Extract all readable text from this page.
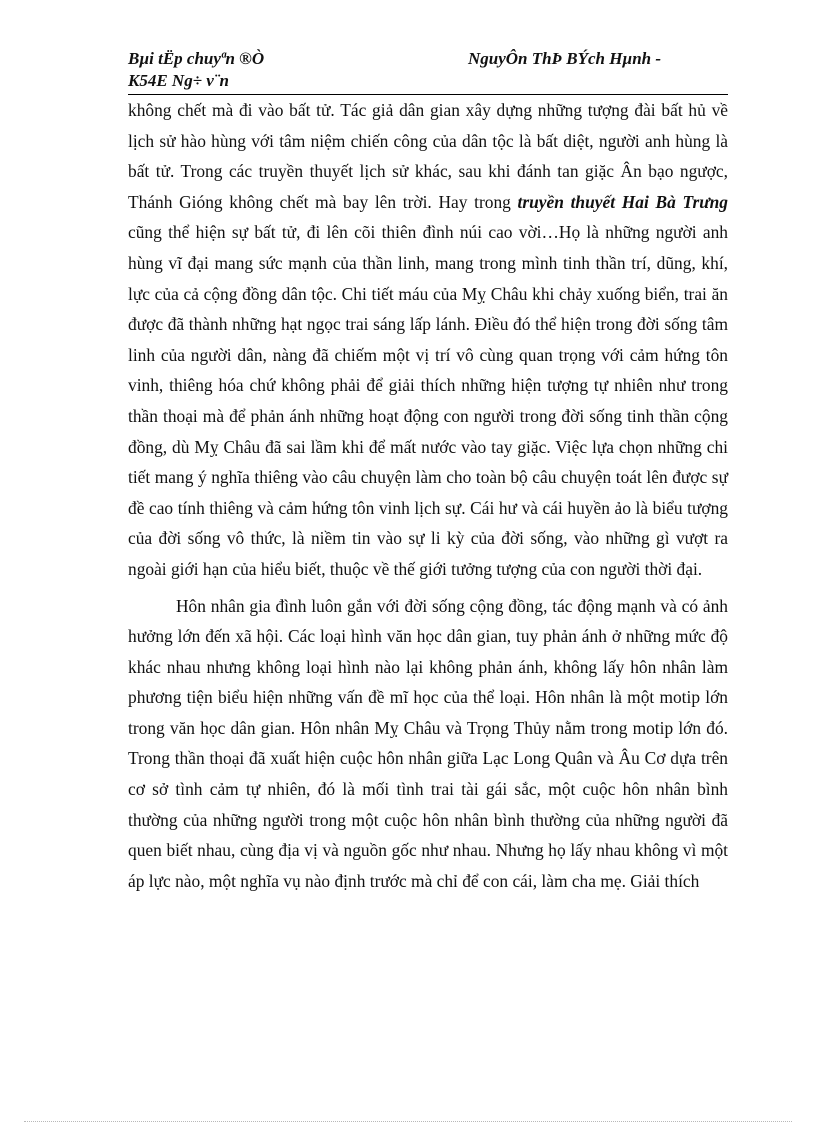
Bµi tËp chuyªn ®Ò	NguyÔn ThÞ BÝch Hµnh -
K54E Ng÷ v¨n

không chết mà đi vào bất tử. Tác giả dân gian xây dựng những tượng đài bất hủ về lịch sử hào hùng với tâm niệm chiến công của dân tộc là bất diệt, người anh hùng là bất tử. Trong các truyền thuyết lịch sử khác, sau khi đánh tan giặc Ân bạo ngược, Thánh Gióng không chết mà bay lên trời. Hay trong truyền thuyết Hai Bà Trưng cũng thể hiện sự bất tử, đi lên cõi thiên đình núi cao vời…Họ là những người anh hùng vĩ đại mang sức mạnh của thần linh, mang trong mình tinh thần trí, dũng, khí, lực của cả cộng đồng dân tộc. Chi tiết máu của Mỵ Châu khi chảy xuống biển, trai ăn được đã thành những hạt ngọc trai sáng lấp lánh. Điều đó thể hiện trong đời sống tâm linh của người dân, nàng đã chiếm một vị trí vô cùng quan trọng với cảm hứng tôn vinh, thiêng hóa chứ không phải để giải thích những hiện tượng tự nhiên như trong thần thoại mà để phản ánh những hoạt động con người trong đời sống tinh thần cộng đồng, dù Mỵ Châu đã sai lầm khi để mất nước vào tay giặc. Việc lựa chọn những chi tiết mang ý nghĩa thiêng vào câu chuyện làm cho toàn bộ câu chuyện toát lên được sự đề cao tính thiêng và cảm hứng tôn vinh lịch sự. Cái hư và cái huyền ảo là biểu tượng của đời sống vô thức, là niềm tin vào sự li kỳ của đời sống, vào những gì vượt ra ngoài giới hạn của hiểu biết, thuộc về thế giới tưởng tượng của con người thời đại.

Hôn nhân gia đình luôn gắn với đời sống cộng đồng, tác động mạnh và có ảnh hưởng lớn đến xã hội. Các loại hình văn học dân gian, tuy phản ánh ở những mức độ khác nhau nhưng không loại hình nào lại không phản ánh, không lấy hôn nhân làm phương tiện biểu hiện những vấn đề mĩ học của thể loại. Hôn nhân là một motip lớn trong văn học dân gian. Hôn nhân Mỵ Châu và Trọng Thủy nằm trong motip lớn đó. Trong thần thoại đã xuất hiện cuộc hôn nhân giữa Lạc Long Quân và Âu Cơ dựa trên cơ sở tình cảm tự nhiên, đó là mối tình trai tài gái sắc, một cuộc hôn nhân bình thường của những người trong một cuộc hôn nhân bình thường của những người đã quen biết nhau, cùng địa vị và nguồn gốc như nhau. Nhưng họ lấy nhau không vì một áp lực nào, một nghĩa vụ nào định trước mà chỉ để con cái, làm cha mẹ. Giải thích
